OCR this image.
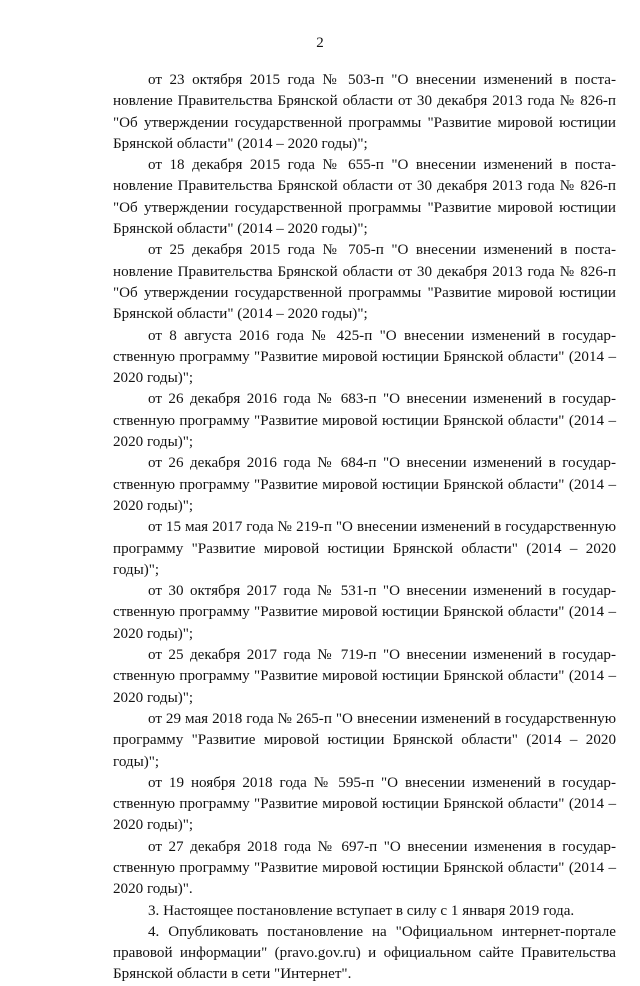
2

от 23 октября 2015 года № 503-п "О внесении изменений в постановление Правительства Брянской области от 30 декабря 2013 года № 826-п "Об утверждении государственной программы "Развитие мировой юстиции Брянской области" (2014 – 2020 годы)";

от 18 декабря 2015 года № 655-п "О внесении изменений в постановление Правительства Брянской области от 30 декабря 2013 года № 826-п "Об утверждении государственной программы "Развитие мировой юстиции Брянской области" (2014 – 2020 годы)";

от 25 декабря 2015 года № 705-п "О внесении изменений в постановление Правительства Брянской области от 30 декабря 2013 года № 826-п "Об утверждении государственной программы "Развитие мировой юстиции Брянской области" (2014 – 2020 годы)";

от 8 августа 2016 года № 425-п "О внесении изменений в государственную программу "Развитие мировой юстиции Брянской области" (2014 – 2020 годы)";

от 26 декабря 2016 года № 683-п "О внесении изменений в государственную программу "Развитие мировой юстиции Брянской области" (2014 – 2020 годы)";

от 26 декабря 2016 года № 684-п "О внесении изменений в государственную программу "Развитие мировой юстиции Брянской области" (2014 – 2020 годы)";

от 15 мая 2017 года № 219-п "О внесении изменений в государственную программу "Развитие мировой юстиции Брянской области" (2014 – 2020 годы)";

от 30 октября 2017 года № 531-п "О внесении изменений в государственную программу "Развитие мировой юстиции Брянской области" (2014 – 2020 годы)";

от 25 декабря 2017 года № 719-п "О внесении изменений в государственную программу "Развитие мировой юстиции Брянской области" (2014 – 2020 годы)";

от 29 мая 2018 года № 265-п "О внесении изменений в государственную программу "Развитие мировой юстиции Брянской области" (2014 – 2020 годы)";

от 19 ноября 2018 года № 595-п "О внесении изменений в государственную программу "Развитие мировой юстиции Брянской области" (2014 – 2020 годы)";

от 27 декабря 2018 года № 697-п "О внесении изменения в государственную программу "Развитие мировой юстиции Брянской области" (2014 – 2020 годы)".

3. Настоящее постановление вступает в силу с 1 января 2019 года.

4. Опубликовать постановление на "Официальном интернет-портале правовой информации" (pravo.gov.ru) и официальном сайте Правительства Брянской области в сети "Интернет".
